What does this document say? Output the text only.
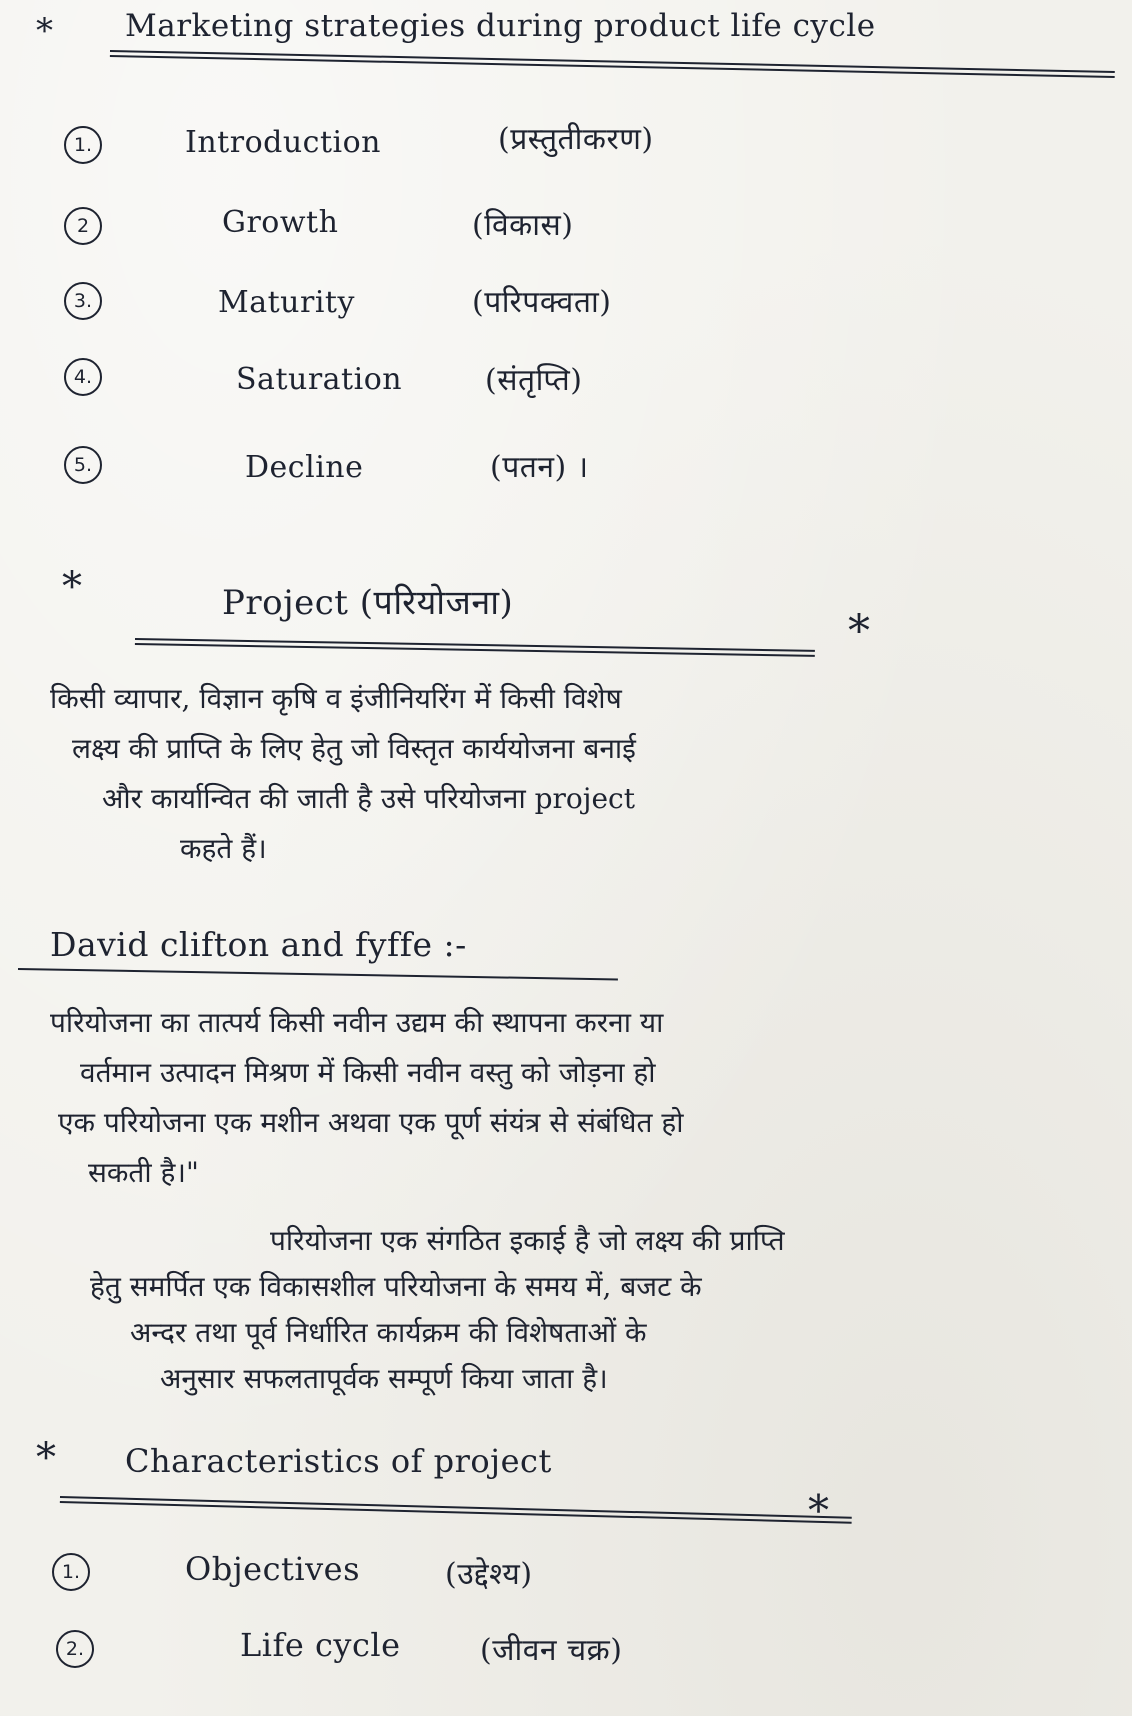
* Marketing strategies during product life cycle
1.	Introduction	(प्रस्तुतीकरण)
2	Growth	(विकास)
3.	Maturity	(परिपक्वता)
4.	Saturation	(संतृप्ति)
5.	Decline	(पतन) ।
*	Project (परियोजना)
*
किसी व्यापार, विज्ञान कृषि व इंजीनियरिंग में किसी विशेष
लक्ष्य की प्राप्ति के लिए हेतु जो विस्तृत कार्ययोजना बनाई
और कार्यान्वित की जाती है उसे परियोजना project
कहते हैं।
David clifton and fyffe :-
परियोजना का तात्पर्य किसी नवीन उद्यम की स्थापना करना या
वर्तमान उत्पादन मिश्रण में किसी नवीन वस्तु को जोड़ना हो
एक परियोजना एक मशीन अथवा एक पूर्ण संयंत्र से संबंधित हो
सकती है।"
परियोजना एक संगठित इकाई है जो लक्ष्य की प्राप्ति
हेतु समर्पित एक विकासशील परियोजना के समय में, बजट के
अन्दर तथा पूर्व निर्धारित कार्यक्रम की विशेषताओं के
अनुसार सफलतापूर्वक सम्पूर्ण किया जाता है।
* Characteristics of project
*
1.	Objectives	(उद्देश्य)
2.	Life cycle	(जीवन चक्र)
